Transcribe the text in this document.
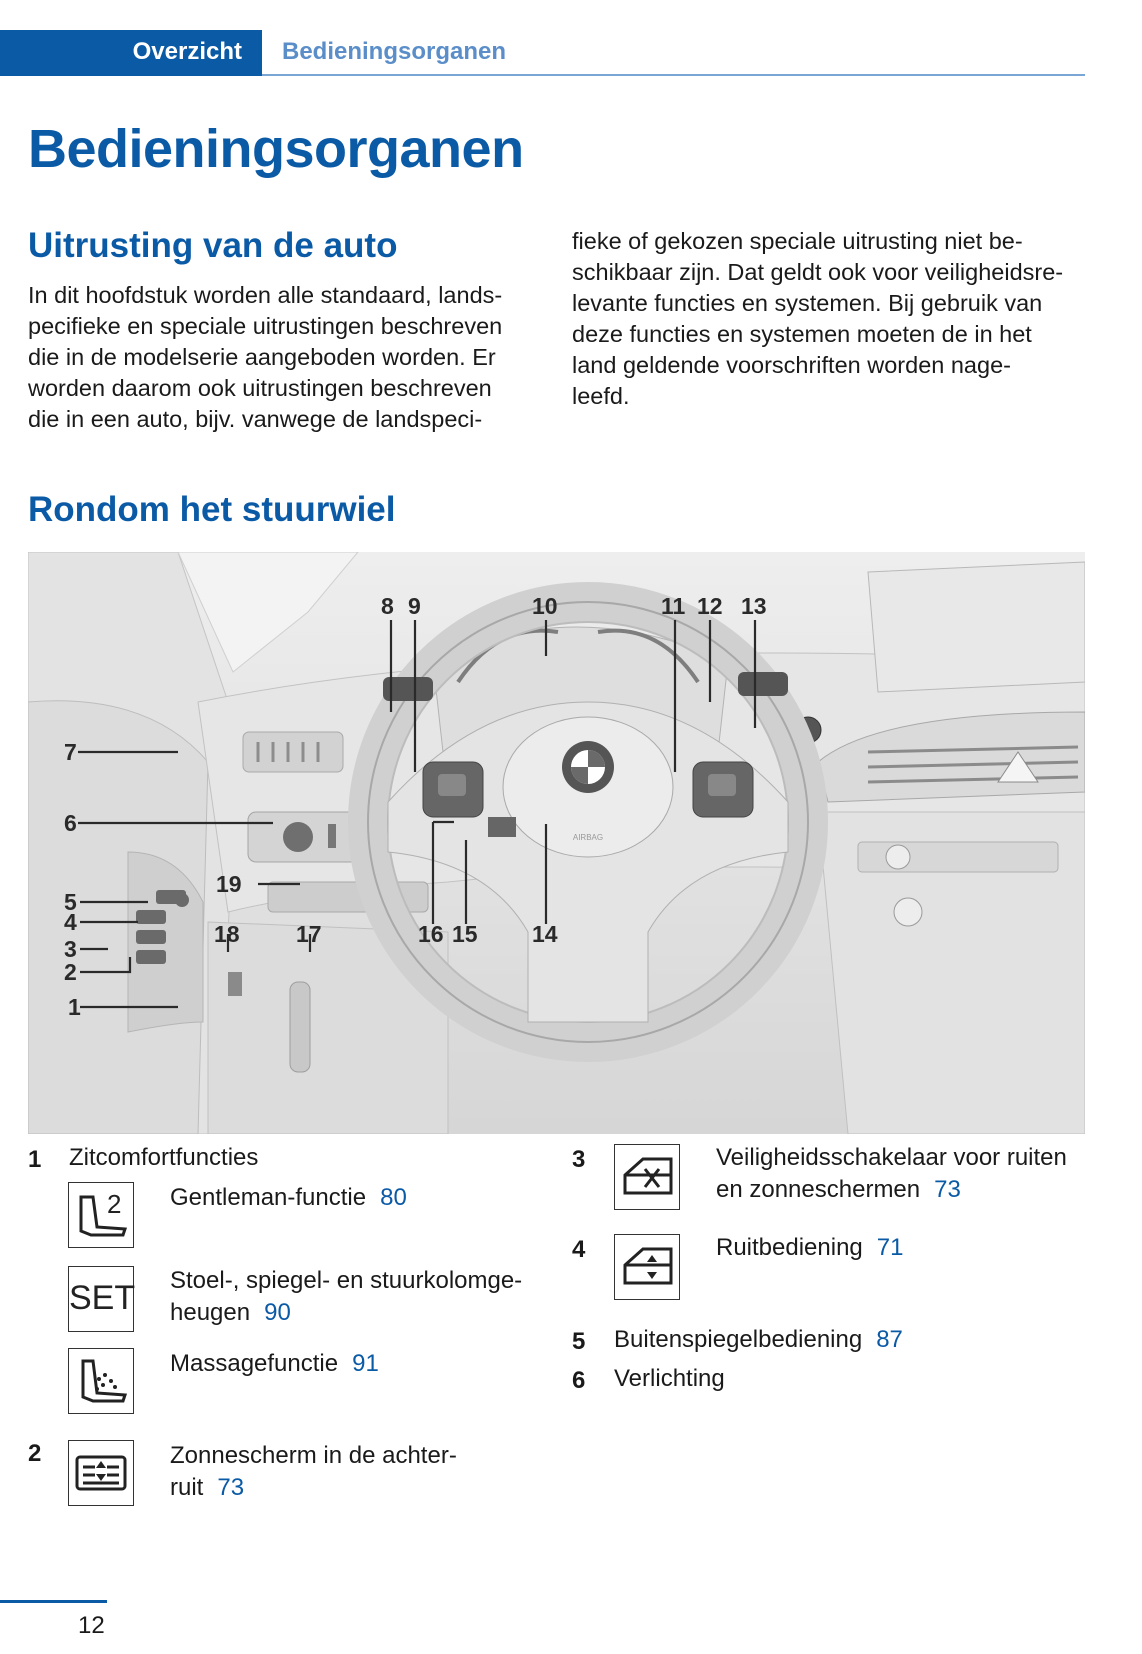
Overzicht Bedieningsorganen
Bedieningsorganen
Uitrusting van de auto
In dit hoofdstuk worden alle standaard, lands-
pecifieke en speciale uitrustingen beschreven
die in de modelserie aangeboden worden. Er
worden daarom ook uitrustingen beschreven
die in een auto, bijv. vanwege de landspeci-
fieke of gekozen speciale uitrusting niet be-
schikbaar zijn. Dat geldt ook voor veiligheidsre-
levante functies en systemen. Bij gebruik van
deze functies en systemen moeten de in het
land geldende voorschriften worden nage-
leefd.
Rondom het stuurwiel
AIRBAG
8 9	10	11 12 13
7
6
19
18 17	16 15 14
5
4
3
2
1
1 Zitcomfortfuncties
2 Gentleman-functie 80
SET Stoel-, spiegel- en stuurkolomge-
heugen 90
Massagefunctie 91
2	Zonnescherm in de achter-
ruit 73
3	Veiligheidsschakelaar voor ruiten
en zonneschermen 73
4	Ruitbediening 71
5 Buitenspiegelbediening 87
6 Verlichting
12
